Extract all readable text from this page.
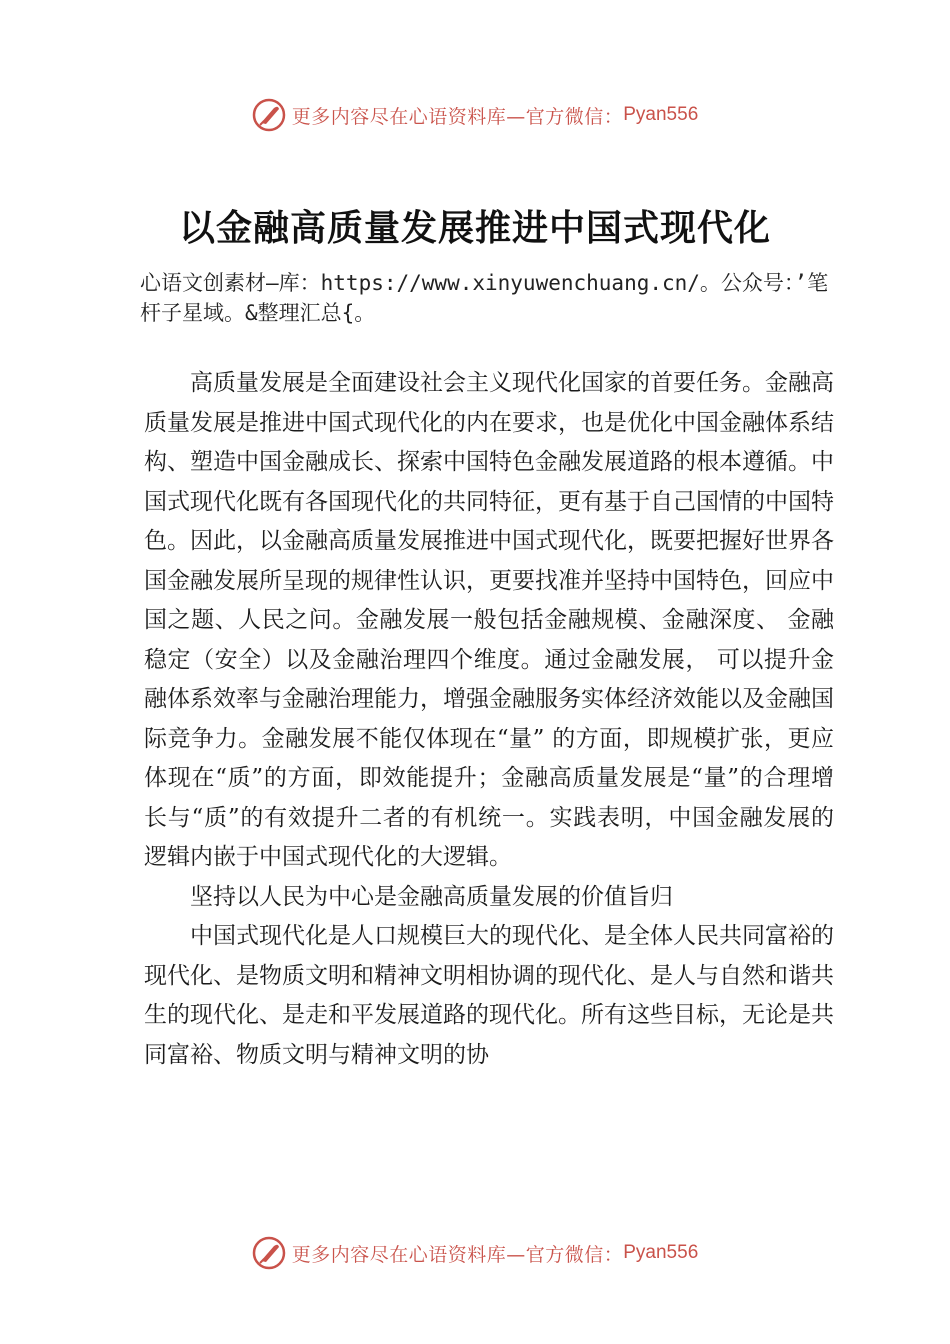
更多内容尽在心语资料库—官方微信： Pyan556
以金融高质量发展推进中国式现代化
心语文创素材—库：https://www.xinyuwenchuang.cn/。公众号：’笔杆子星域。&整理汇总{。

高质量发展是全面建设社会主义现代化国家的首要任务。金融高质量发展是推进中国式现代化的内在要求，也是优化中国金融体系结构、塑造中国金融成长、探索中国特色金融发展道路的根本遵循。中国式现代化既有各国现代化的共同特征，更有基于自己国情的中国特色。因此，以金融高质量发展推进中国式现代化，既要把握好世界各国金融发展所呈现的规律性认识，更要找准并坚持中国特色，回应中国之题、人民之问。金融发展一般包括金融规模、金融深度、 金融稳定（安全）以及金融治理四个维度。通过金融发展， 可以提升金融体系效率与金融治理能力，增强金融服务实体经济效能以及金融国际竞争力。金融发展不能仅体现在“量” 的方面，即规模扩张，更应体现在“质”的方面，即效能提升；金融高质量发展是“量”的合理增长与“质”的有效提升二者的有机统一。实践表明，中国金融发展的逻辑内嵌于中国式现代化的大逻辑。

坚持以人民为中心是金融高质量发展的价值旨归

中国式现代化是人口规模巨大的现代化、是全体人民共同富裕的现代化、是物质文明和精神文明相协调的现代化、是人与自然和谐共生的现代化、是走和平发展道路的现代化。所有这些目标，无论是共同富裕、物质文明与精神文明的协

更多内容尽在心语资料库—官方微信： Pyan556
